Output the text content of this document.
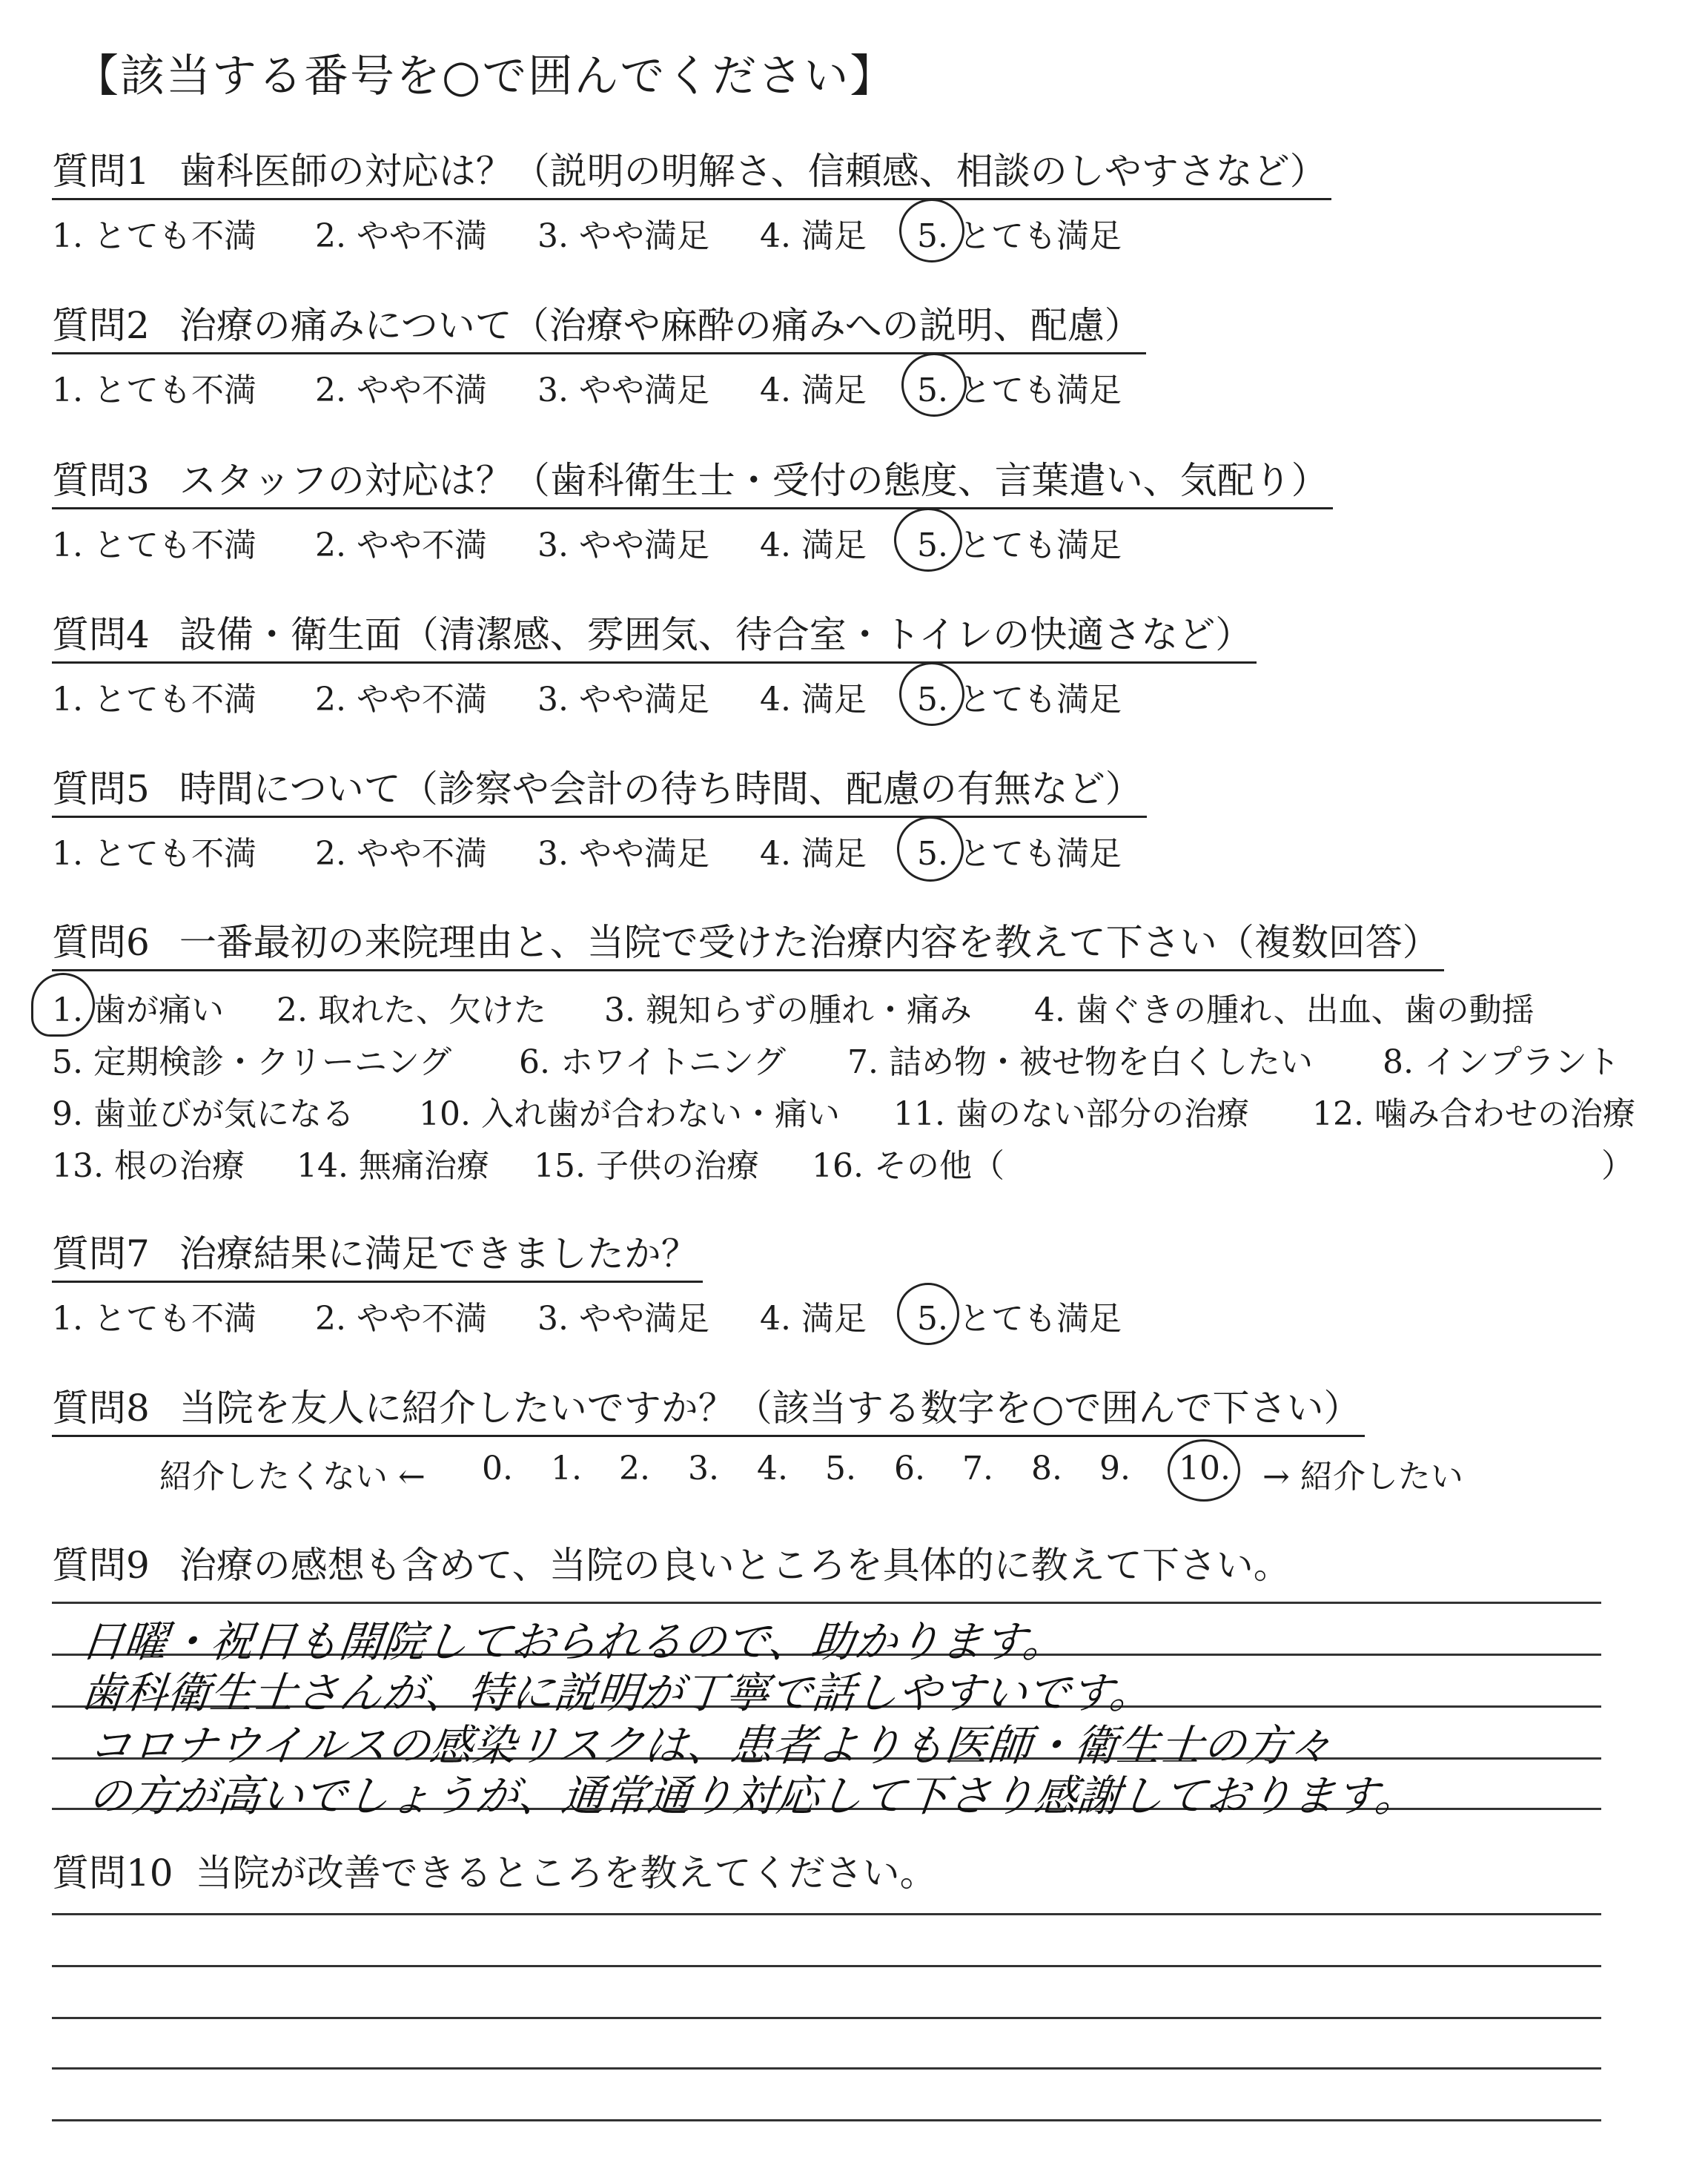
【該当する番号を○で囲んでください】
質問1 歯科医師の対応は？（説明の明解さ、信頼感、相談のしやすさなど）
1. とても不満 2. やや不満 3. やや満足 4. 満足 5. とても満足
質問2 治療の痛みについて（治療や麻酔の痛みへの説明、配慮）
1. とても不満 2. やや不満 3. やや満足 4. 満足 5. とても満足
質問3 スタッフの対応は？（歯科衛生士・受付の態度、言葉遣い、気配り）
1. とても不満 2. やや不満 3. やや満足 4. 満足 5. とても満足
質問4 設備・衛生面（清潔感、雰囲気、待合室・トイレの快適さなど）
1. とても不満 2. やや不満 3. やや満足 4. 満足 5. とても満足
質問5 時間について（診察や会計の待ち時間、配慮の有無など）
1. とても不満 2. やや不満 3. やや満足 4. 満足 5. とても満足
質問6 一番最初の来院理由と、当院で受けた治療内容を教えて下さい（複数回答）
1. 歯が痛い 2. 取れた、欠けた 3. 親知らずの腫れ・痛み 4. 歯ぐきの腫れ、出血、歯の動揺
5. 定期検診・クリーニング 6. ホワイトニング 7. 詰め物・被せ物を白くしたい 8. インプラント
9. 歯並びが気になる 10. 入れ歯が合わない・痛い 11. 歯のない部分の治療 12. 噛み合わせの治療
13. 根の治療 14. 無痛治療 15. 子供の治療 16. その他（	）
質問7 治療結果に満足できましたか？
1. とても不満 2. やや不満 3. やや満足 4. 満足 5. とても満足
質問8 当院を友人に紹介したいですか？（該当する数字を○で囲んで下さい）
紹介したくない ← 0. 1. 2. 3. 4. 5. 6. 7. 8. 9. 10. → 紹介したい
質問9 治療の感想も含めて、当院の良いところを具体的に教えて下さい。
日曜・祝日も開院しておられるので、助かります。
歯科衛生士さんが、特に説明が丁寧で話しやすいです。
コロナウイルスの感染リスクは、患者よりも医師・衛生士の方々
の方が高いでしょうが、通常通り対応して下さり感謝しております。
質問10 当院が改善できるところを教えてください。
